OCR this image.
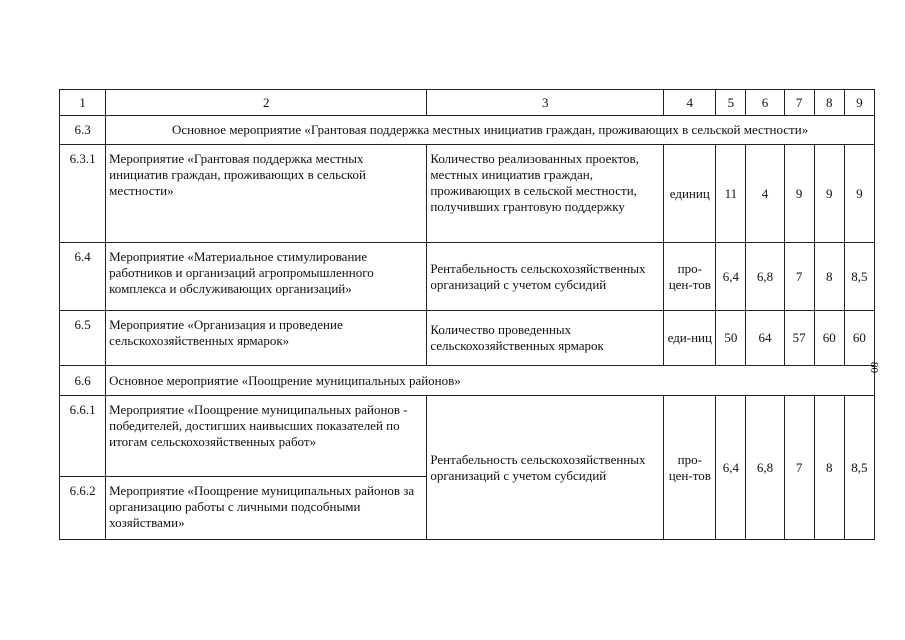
1	2	3	4	5	6	7	8	9
6.3	Основное мероприятие «Грантовая поддержка местных инициатив граждан, проживающих в сельской местности»							
6.3.1	Мероприятие «Грантовая поддержка местных инициатив граждан, проживающих в сельской местности»	Количество реализованных проектов, местных инициатив граждан, проживающих в сельской местности, получивших грантовую поддержку	единиц	11	4	9	9	9
6.4	Мероприятие «Материальное стимулирование работников и организаций агропромышленного комплекса и обслуживающих организаций»	Рентабельность сельскохозяйственных организаций с учетом субсидий	про-цен-тов	6,4	6,8	7	8	8,5
6.5	Мероприятие «Организация и проведение сельскохозяйственных ярмарок»	Количество проведенных сельскохозяйственных ярмарок	еди-ниц	50	64	57	60	60
6.6	Основное мероприятие «Поощрение муниципальных районов»							
6.6.1	Мероприятие «Поощрение муниципальных районов - победителей, достигших наивысших показателей по итогам сельскохозяйственных работ»	Рентабельность сельскохозяйственных организаций с учетом субсидий	про-цен-тов	6,4	6,8	7	8	8,5
6.6.2	Мероприятие «Поощрение муниципальных районов за организацию работы с личными подсобными хозяйствами»							
80
